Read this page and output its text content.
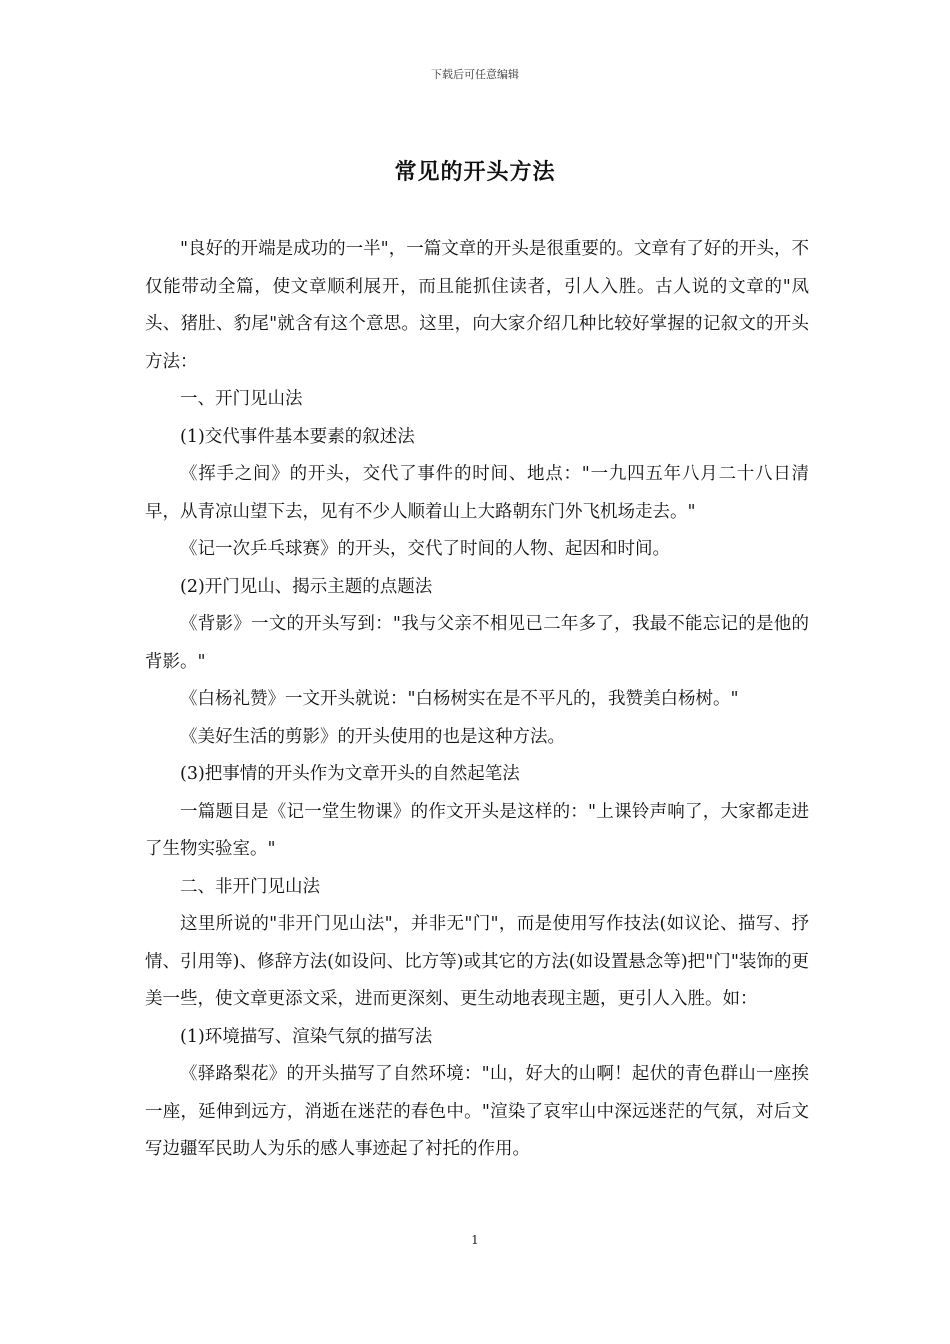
下载后可任意编辑
常见的开头方法

"良好的开端是成功的一半"，一篇文章的开头是很重要的。文章有了好的开头，不仅能带动全篇，使文章顺利展开，而且能抓住读者，引人入胜。古人说的文章的"凤头、猪肚、豹尾"就含有这个意思。这里，向大家介绍几种比较好掌握的记叙文的开头方法：

一、开门见山法

(1)交代事件基本要素的叙述法

《挥手之间》的开头，交代了事件的时间、地点："一九四五年八月二十八日清早，从青凉山望下去，见有不少人顺着山上大路朝东门外飞机场走去。"

《记一次乒乓球赛》的开头，交代了时间的人物、起因和时间。

(2)开门见山、揭示主题的点题法

《背影》一文的开头写到："我与父亲不相见已二年多了，我最不能忘记的是他的背影。"

《白杨礼赞》一文开头就说："白杨树实在是不平凡的，我赞美白杨树。"

《美好生活的剪影》的开头使用的也是这种方法。

(3)把事情的开头作为文章开头的自然起笔法

一篇题目是《记一堂生物课》的作文开头是这样的："上课铃声响了，大家都走进了生物实验室。"

二、非开门见山法

这里所说的"非开门见山法"，并非无"门"，而是使用写作技法(如议论、描写、抒情、引用等)、修辞方法(如设问、比方等)或其它的方法(如设置悬念等)把"门"装饰的更美一些，使文章更添文采，进而更深刻、更生动地表现主题，更引人入胜。如：

(1)环境描写、渲染气氛的描写法

《驿路梨花》的开头描写了自然环境："山，好大的山啊！起伏的青色群山一座挨一座，延伸到远方，消逝在迷茫的春色中。"渲染了哀牢山中深远迷茫的气氛，对后文写边疆军民助人为乐的感人事迹起了衬托的作用。

1
